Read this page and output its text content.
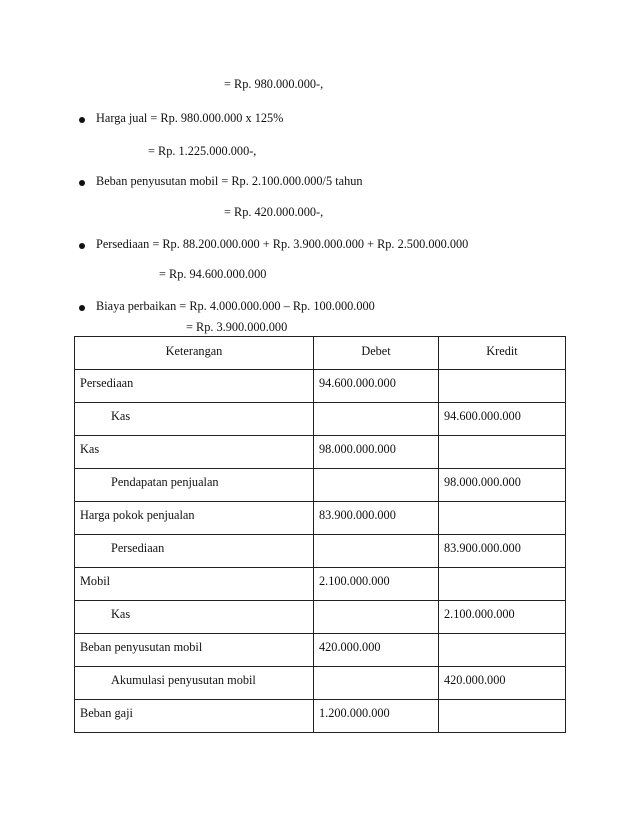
= Rp. 980.000.000-,
Harga jual = Rp. 980.000.000 x 125%
= Rp. 1.225.000.000-,
Beban penyusutan mobil = Rp. 2.100.000.000/5 tahun
= Rp. 420.000.000-,
Persediaan = Rp. 88.200.000.000 + Rp. 3.900.000.000 + Rp. 2.500.000.000
= Rp. 94.600.000.000
Biaya perbaikan = Rp. 4.000.000.000 – Rp. 100.000.000
= Rp. 3.900.000.000
Keterangan	Debet	Kredit
Persediaan	94.600.000.000	
Kas		94.600.000.000
Kas	98.000.000.000	
Pendapatan penjualan		98.000.000.000
Harga pokok penjualan	83.900.000.000	
Persediaan		83.900.000.000
Mobil	2.100.000.000	
Kas		2.100.000.000
Beban penyusutan mobil	420.000.000	
Akumulasi penyusutan mobil		420.000.000
Beban gaji	1.200.000.000	
